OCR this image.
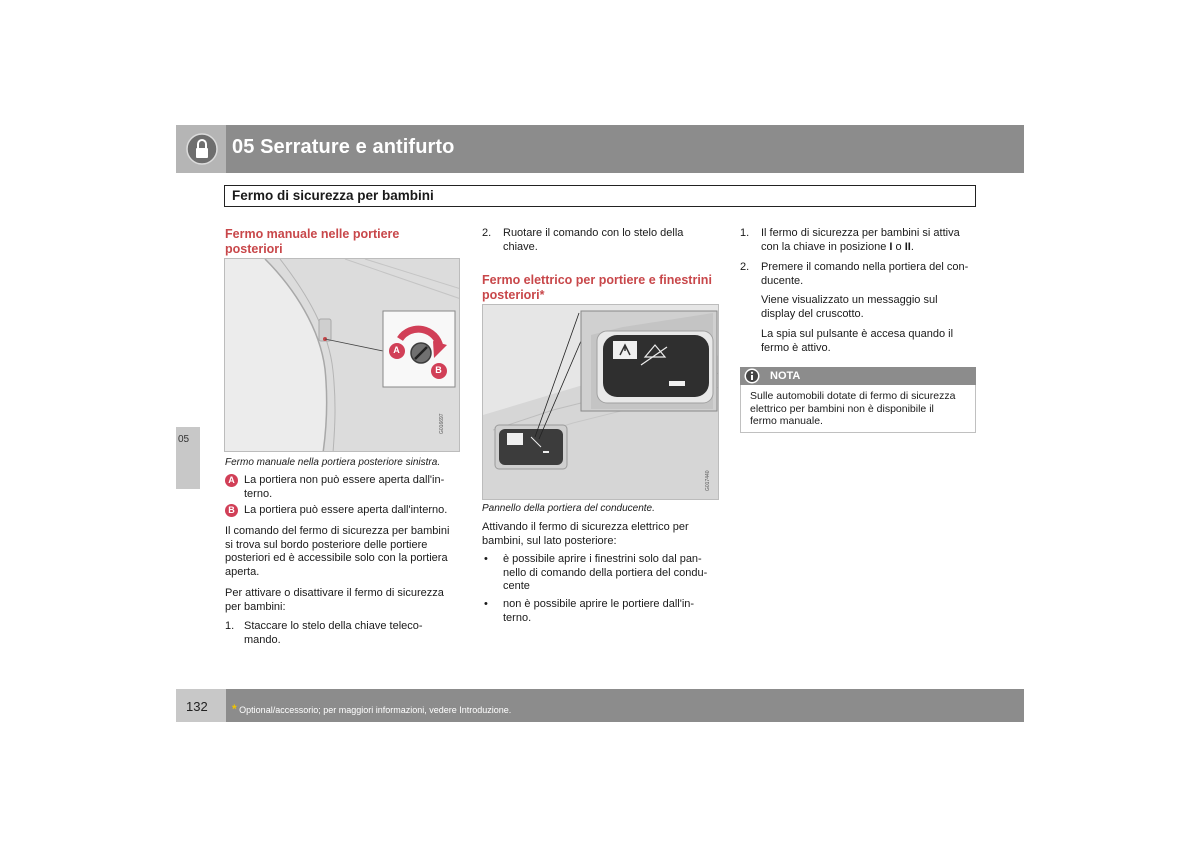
05 Serrature e antifurto
Fermo di sicurezza per bambini
05
Fermo manuale nelle portiere
posteriori
A
B
G016697
Fermo manuale nella portiera posteriore sinistra.
A La portiera non può essere aperta dall'in-
terno.
B La portiera può essere aperta dall'interno.
Il comando del fermo di sicurezza per bambini
si trova sul bordo posteriore delle portiere
posteriori ed è accessibile solo con la portiera
aperta.
Per attivare o disattivare il fermo di sicurezza
per bambini:
1. Staccare lo stelo della chiave teleco-
mando.
2. Ruotare il comando con lo stelo della
chiave.
Fermo elettrico per portiere e finestrini
posteriori*
G017440
Pannello della portiera del conducente.
Attivando il fermo di sicurezza elettrico per
bambini, sul lato posteriore:
• è possibile aprire i finestrini solo dal pan-
nello di comando della portiera del condu-
cente
• non è possibile aprire le portiere dall'in-
terno.
1. Il fermo di sicurezza per bambini si attiva
con la chiave in posizione I o II.
2. Premere il comando nella portiera del con-
ducente.
Viene visualizzato un messaggio sul
display del cruscotto.
La spia sul pulsante è accesa quando il
fermo è attivo.
NOTA
Sulle automobili dotate di fermo di sicurezza
elettrico per bambini non è disponibile il
fermo manuale.
132 * Optional/accessorio; per maggiori informazioni, vedere Introduzione.
